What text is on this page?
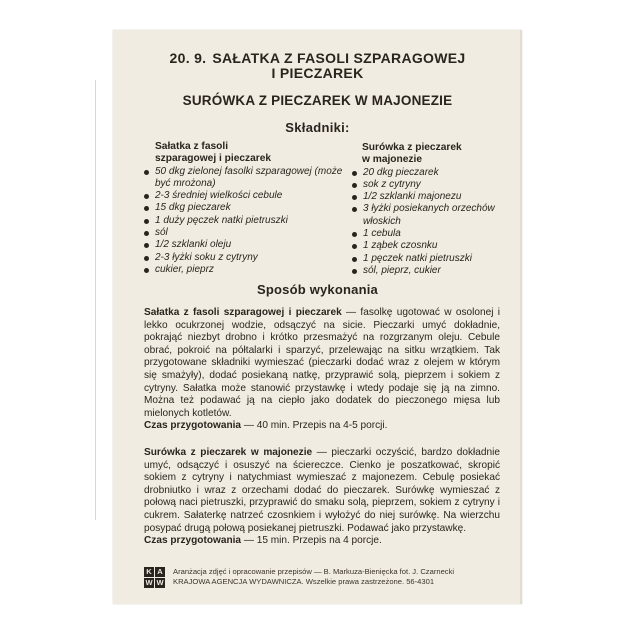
20. 9. SAŁATKA Z FASOLI SZPARAGOWEJ
I PIECZAREK
SURÓWKA Z PIECZAREK W MAJONEZIE
Składniki:
Sałatka z fasoli
szparagowej i pieczarek
50 dkg zielonej fasolki szparagowej (może być mrożona)
2-3 średniej wielkości cebule
15 dkg pieczarek
1 duży pęczek natki pietruszki
sól
1/2 szklanki oleju
2-3 łyżki soku z cytryny
cukier, pieprz
Surówka z pieczarek
w majonezie
20 dkg pieczarek
sok z cytryny
1/2 szklanki majonezu
3 łyżki posiekanych orzechów włoskich
1 cebula
1 ząbek czosnku
1 pęczek natki pietruszki
sól, pieprz, cukier
Sposób wykonania
Sałatka z fasoli szparagowej i pieczarek — fasolkę ugotować w osolonej i lekko ocukrzonej wodzie, odsączyć na sicie. Pieczarki umyć dokładnie, pokrająć niezbyt drobno i krótko przesmażyć na rozgrzanym oleju. Cebule obrać, pokroić na półtalarki i sparzyć, przelewając na sitku wrzątkiem. Tak przygotowane składniki wymieszać (pieczarki dodać wraz z olejem w którym się smażyły), dodać posiekaną natkę, przyprawić solą, pieprzem i sokiem z cytryny. Sałatka może stanowić przystawkę i wtedy podaje się ją na zimno. Można też podawać ją na ciepło jako dodatek do pieczonego mięsa lub mielonych kotletów.
Czas przygotowania — 40 min. Przepis na 4-5 porcji.
Surówka z pieczarek w majonezie — pieczarki oczyścić, bardzo dokładnie umyć, odsączyć i osuszyć na ściereczce. Cienko je poszatkować, skropić sokiem z cytryny i natychmiast wymieszać z majonezem. Cebulę posiekać drobniutko i wraz z orzechami dodać do pieczarek. Surówkę wymieszać z połową naci pietruszki, przyprawić do smaku solą, pieprzem, sokiem z cytryny i cukrem. Sałaterkę natrzeć czosnkiem i wyłożyć do niej surówkę. Na wierzchu posypać drugą połową posiekanej pietruszki. Podawać jako przystawkę.
Czas przygotowania — 15 min. Przepis na 4 porcje.
K A
W W
Aranżacja zdjęć i opracowanie przepisów — B. Markuza-Bienięcka fot. J. Czarnecki
KRAJOWA AGENCJA WYDAWNICZA. Wszelkie prawa zastrzeżone. 56-4301
